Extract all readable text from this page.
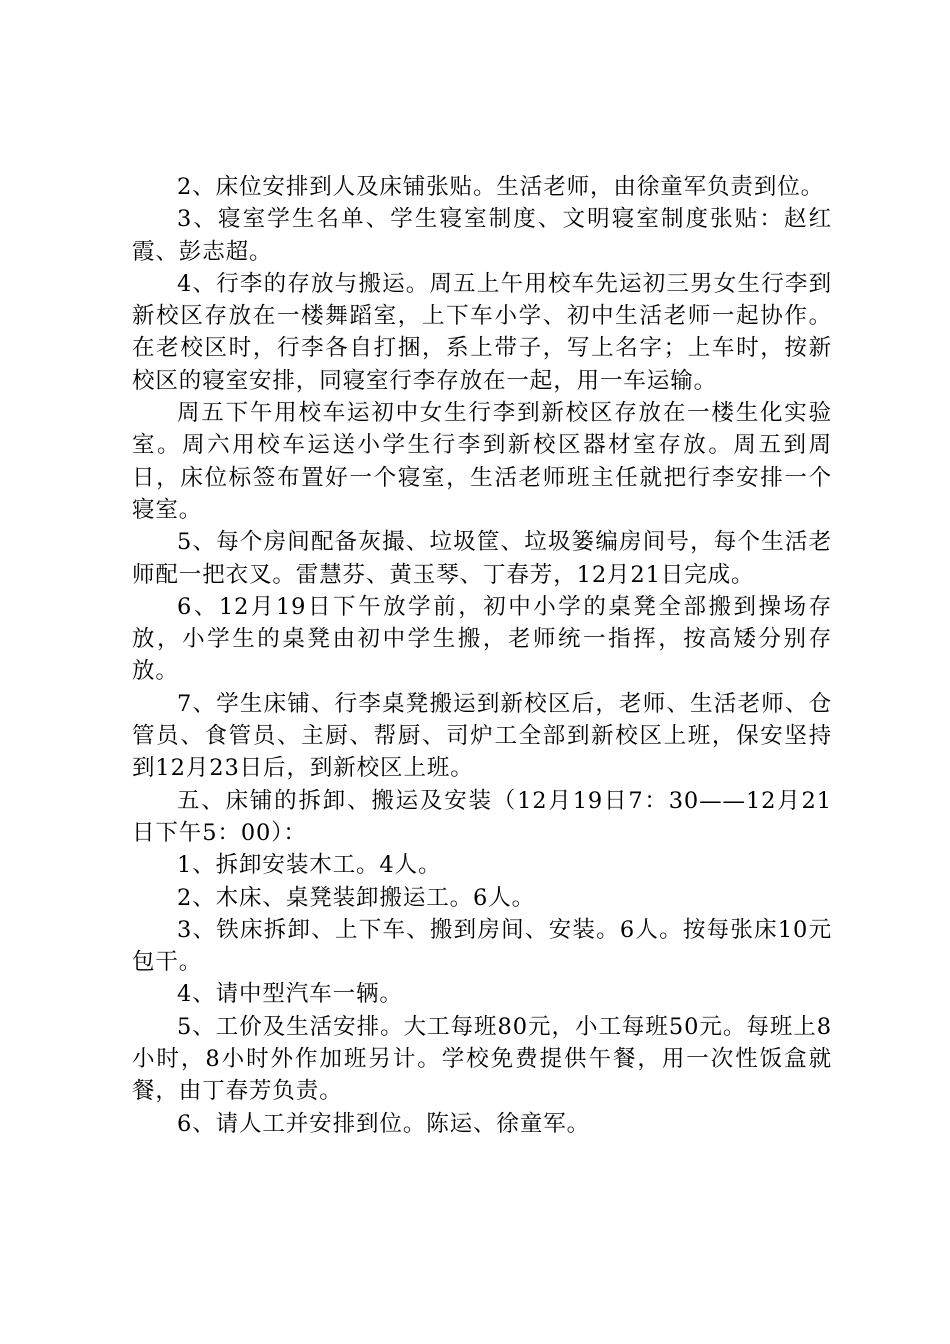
2、床位安排到人及床铺张贴。生活老师，由徐童军负责到位。

3、寝室学生名单、学生寝室制度、文明寝室制度张贴：赵红霞、彭志超。

4、行李的存放与搬运。周五上午用校车先运初三男女生行李到新校区存放在一楼舞蹈室，上下车小学、初中生活老师一起协作。在老校区时，行李各自打捆，系上带子，写上名字；上车时，按新校区的寝室安排，同寝室行李存放在一起，用一车运输。

周五下午用校车运初中女生行李到新校区存放在一楼生化实验室。周六用校车运送小学生行李到新校区器材室存放。周五到周日，床位标签布置好一个寝室，生活老师班主任就把行李安排一个寝室。

5、每个房间配备灰撮、垃圾筐、垃圾篓编房间号，每个生活老师配一把衣叉。雷慧芬、黄玉琴、丁春芳，12月21日完成。

6、12月19日下午放学前，初中小学的桌凳全部搬到操场存放，小学生的桌凳由初中学生搬，老师统一指挥，按高矮分别存放。

7、学生床铺、行李桌凳搬运到新校区后，老师、生活老师、仓管员、食管员、主厨、帮厨、司炉工全部到新校区上班，保安坚持到12月23日后，到新校区上班。

五、床铺的拆卸、搬运及安装（12月19日7：30——12月21日下午5：00）：

1、拆卸安装木工。4人。

2、木床、桌凳装卸搬运工。6人。

3、铁床拆卸、上下车、搬到房间、安装。6人。按每张床10元包干。

4、请中型汽车一辆。

5、工价及生活安排。大工每班80元，小工每班50元。每班上8小时，8小时外作加班另计。学校免费提供午餐，用一次性饭盒就餐，由丁春芳负责。

6、请人工并安排到位。陈运、徐童军。
